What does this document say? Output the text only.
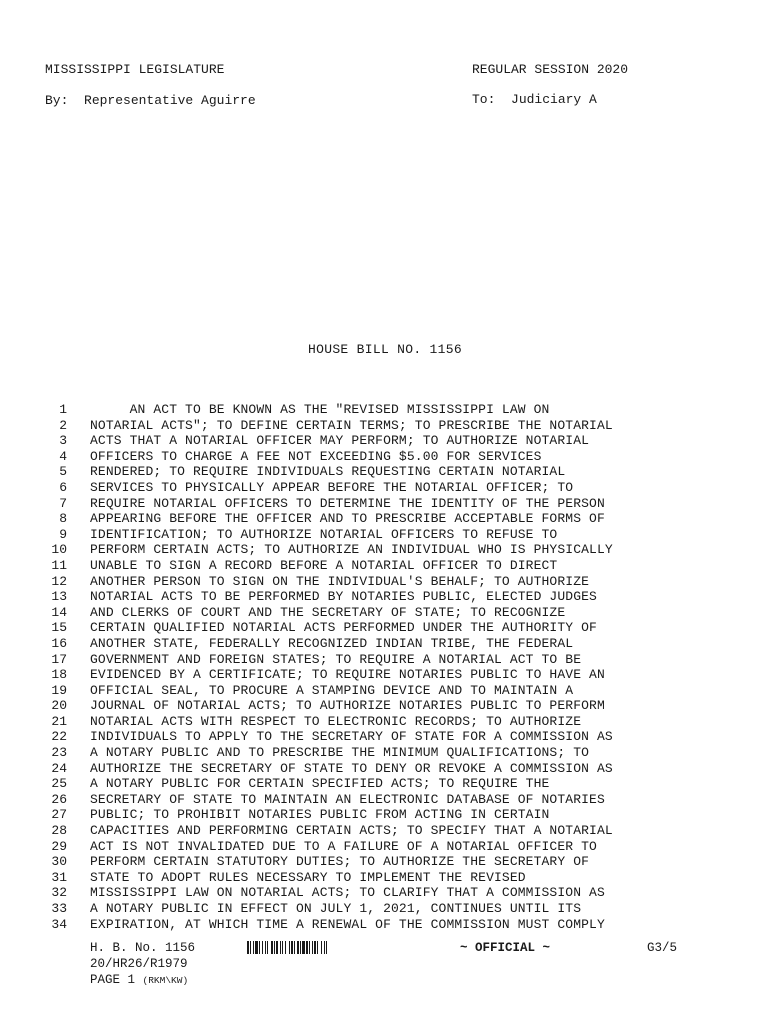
MISSISSIPPI LEGISLATURE	REGULAR SESSION 2020
By: Representative Aguirre	To: Judiciary A
HOUSE BILL NO. 1156
1 AN ACT TO BE KNOWN AS THE "REVISED MISSISSIPPI LAW ON
2 NOTARIAL ACTS"; TO DEFINE CERTAIN TERMS; TO PRESCRIBE THE NOTARIAL
3 ACTS THAT A NOTARIAL OFFICER MAY PERFORM; TO AUTHORIZE NOTARIAL
4 OFFICERS TO CHARGE A FEE NOT EXCEEDING $5.00 FOR SERVICES
5 RENDERED; TO REQUIRE INDIVIDUALS REQUESTING CERTAIN NOTARIAL
6 SERVICES TO PHYSICALLY APPEAR BEFORE THE NOTARIAL OFFICER; TO
7 REQUIRE NOTARIAL OFFICERS TO DETERMINE THE IDENTITY OF THE PERSON
8 APPEARING BEFORE THE OFFICER AND TO PRESCRIBE ACCEPTABLE FORMS OF
9 IDENTIFICATION; TO AUTHORIZE NOTARIAL OFFICERS TO REFUSE TO
10 PERFORM CERTAIN ACTS; TO AUTHORIZE AN INDIVIDUAL WHO IS PHYSICALLY
11 UNABLE TO SIGN A RECORD BEFORE A NOTARIAL OFFICER TO DIRECT
12 ANOTHER PERSON TO SIGN ON THE INDIVIDUAL'S BEHALF; TO AUTHORIZE
13 NOTARIAL ACTS TO BE PERFORMED BY NOTARIES PUBLIC, ELECTED JUDGES
14 AND CLERKS OF COURT AND THE SECRETARY OF STATE; TO RECOGNIZE
15 CERTAIN QUALIFIED NOTARIAL ACTS PERFORMED UNDER THE AUTHORITY OF
16 ANOTHER STATE, FEDERALLY RECOGNIZED INDIAN TRIBE, THE FEDERAL
17 GOVERNMENT AND FOREIGN STATES; TO REQUIRE A NOTARIAL ACT TO BE
18 EVIDENCED BY A CERTIFICATE; TO REQUIRE NOTARIES PUBLIC TO HAVE AN
19 OFFICIAL SEAL, TO PROCURE A STAMPING DEVICE AND TO MAINTAIN A
20 JOURNAL OF NOTARIAL ACTS; TO AUTHORIZE NOTARIES PUBLIC TO PERFORM
21 NOTARIAL ACTS WITH RESPECT TO ELECTRONIC RECORDS; TO AUTHORIZE
22 INDIVIDUALS TO APPLY TO THE SECRETARY OF STATE FOR A COMMISSION AS
23 A NOTARY PUBLIC AND TO PRESCRIBE THE MINIMUM QUALIFICATIONS; TO
24 AUTHORIZE THE SECRETARY OF STATE TO DENY OR REVOKE A COMMISSION AS
25 A NOTARY PUBLIC FOR CERTAIN SPECIFIED ACTS; TO REQUIRE THE
26 SECRETARY OF STATE TO MAINTAIN AN ELECTRONIC DATABASE OF NOTARIES
27 PUBLIC; TO PROHIBIT NOTARIES PUBLIC FROM ACTING IN CERTAIN
28 CAPACITIES AND PERFORMING CERTAIN ACTS; TO SPECIFY THAT A NOTARIAL
29 ACT IS NOT INVALIDATED DUE TO A FAILURE OF A NOTARIAL OFFICER TO
30 PERFORM CERTAIN STATUTORY DUTIES; TO AUTHORIZE THE SECRETARY OF
31 STATE TO ADOPT RULES NECESSARY TO IMPLEMENT THE REVISED
32 MISSISSIPPI LAW ON NOTARIAL ACTS; TO CLARIFY THAT A COMMISSION AS
33 A NOTARY PUBLIC IN EFFECT ON JULY 1, 2021, CONTINUES UNTIL ITS
34 EXPIRATION, AT WHICH TIME A RENEWAL OF THE COMMISSION MUST COMPLY
H. B. No. 1156	~ OFFICIAL ~	G3/5
20/HR26/R1979
PAGE 1 (RKM\KW)
